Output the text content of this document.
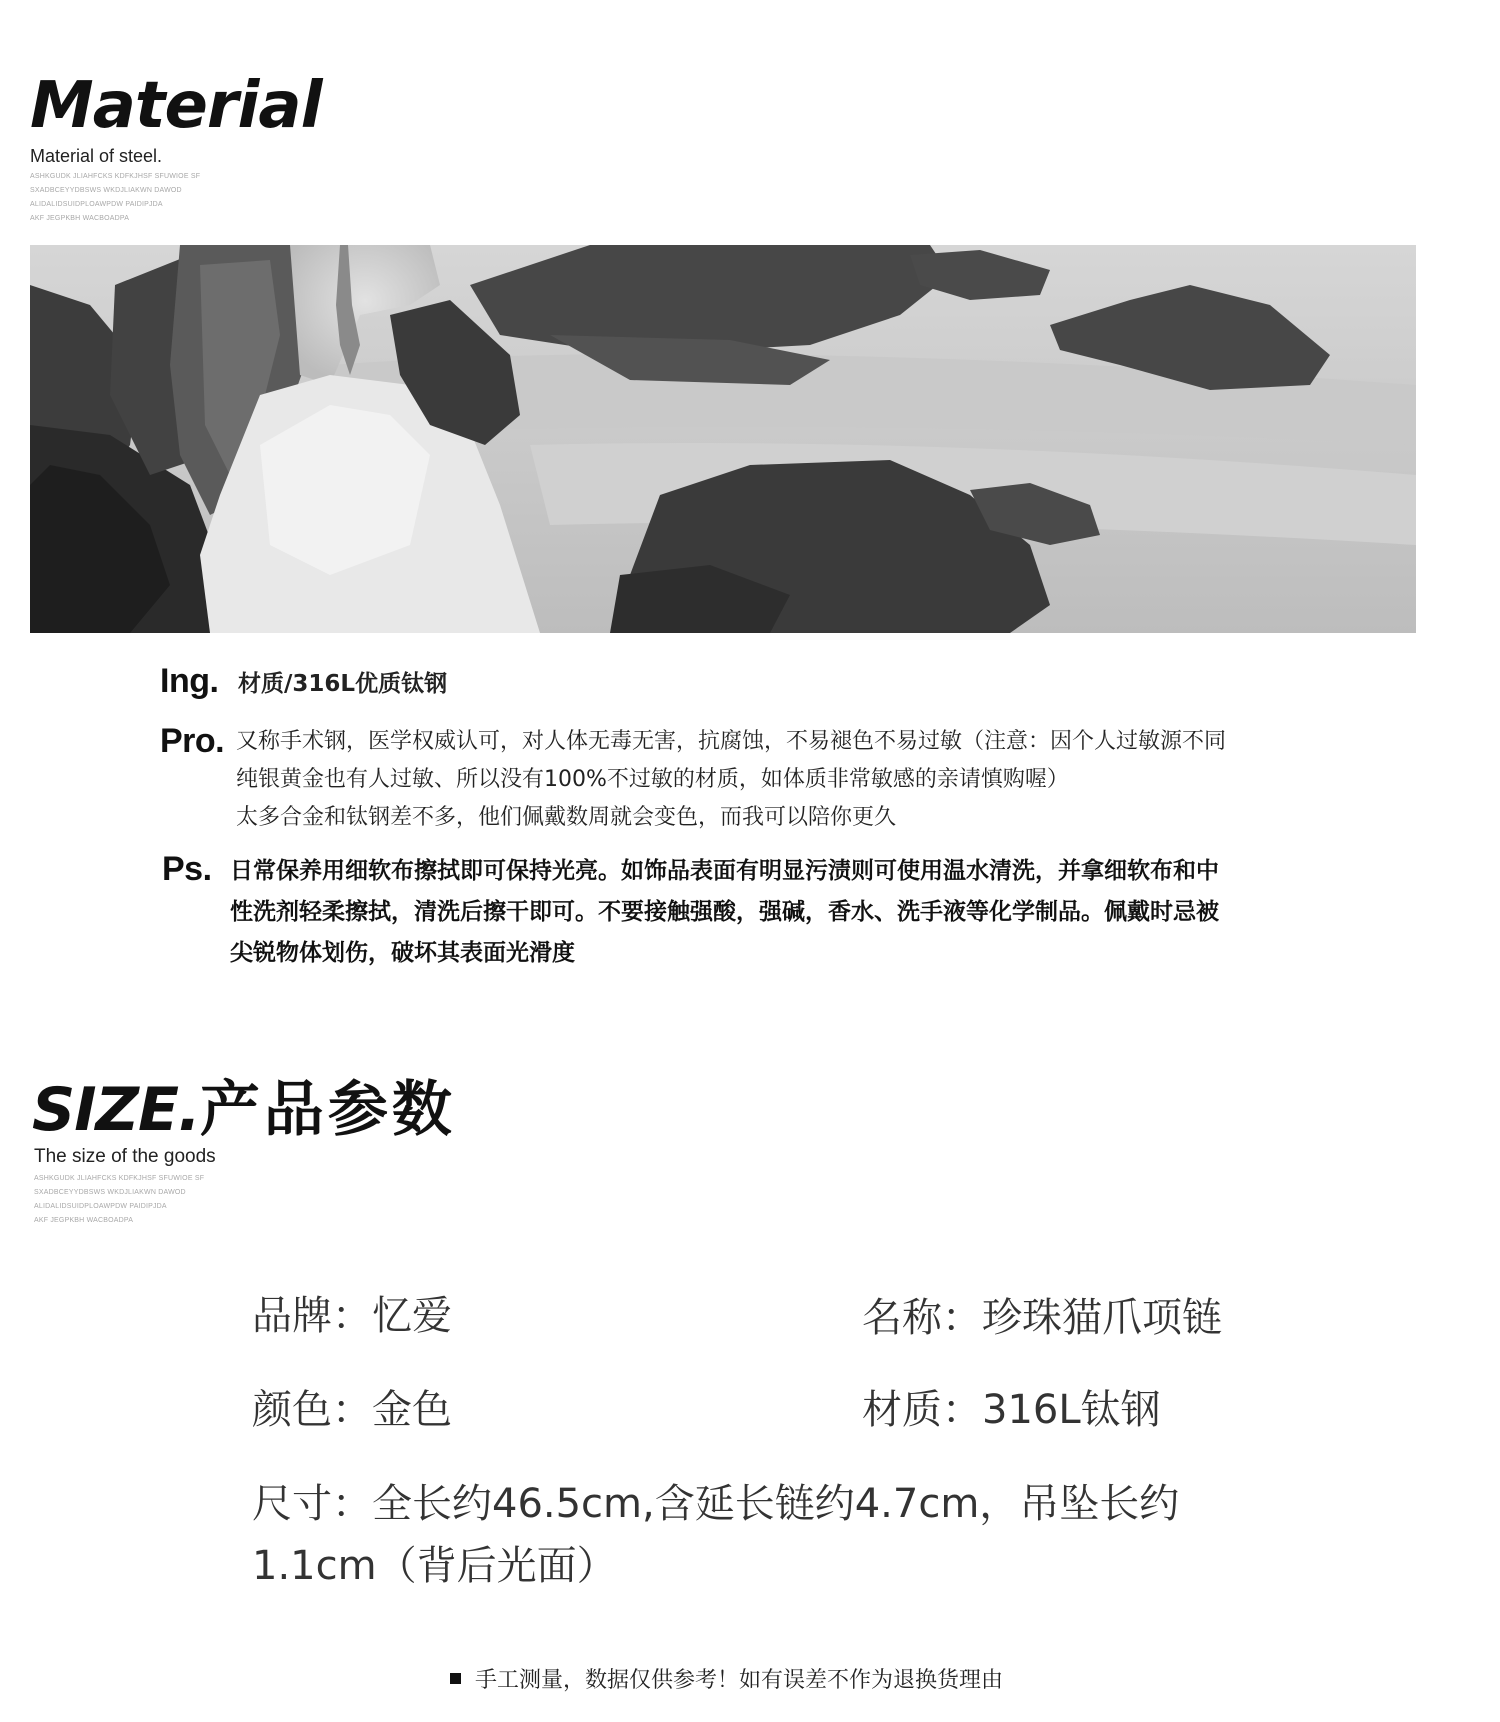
Material
Material of steel.
ASHKGUDK JLIAHFCKS KDFKJHSF SFUWIOE SF
SXADBCEYYDBSWS WKDJLIAKWN DAWOD
ALIDALIDSUIDPLOAWPDW PAIDIPJDA
AKF JEGPKBH WACBOADPA
Ing. 材质/316L优质钛钢
Pro. 又称手术钢，医学权威认可，对人体无毒无害，抗腐蚀，不易褪色不易过敏（注意：因个人过敏源不同
纯银黄金也有人过敏、所以没有100%不过敏的材质，如体质非常敏感的亲请慎购喔）
太多合金和钛钢差不多，他们佩戴数周就会变色，而我可以陪你更久
Ps. 日常保养用细软布擦拭即可保持光亮。如饰品表面有明显污渍则可使用温水清洗，并拿细软布和中
性洗剂轻柔擦拭，清洗后擦干即可。不要接触强酸，强碱，香水、洗手液等化学制品。佩戴时忌被
尖锐物体划伤，破坏其表面光滑度
SIZE.产品参数
The size of the goods
ASHKGUDK JLIAHFCKS KDFKJHSF SFUWIOE SF
SXADBCEYYDBSWS WKDJLIAKWN DAWOD
ALIDALIDSUIDPLOAWPDW PAIDIPJDA
AKF JEGPKBH WACBOADPA
品牌：忆爱	名称：珍珠猫爪项链
颜色：金色	材质：316L钛钢
尺寸：全长约46.5cm,含延长链约4.7cm，吊坠长约
1.1cm（背后光面）
手工测量，数据仅供参考！如有误差不作为退换货理由
